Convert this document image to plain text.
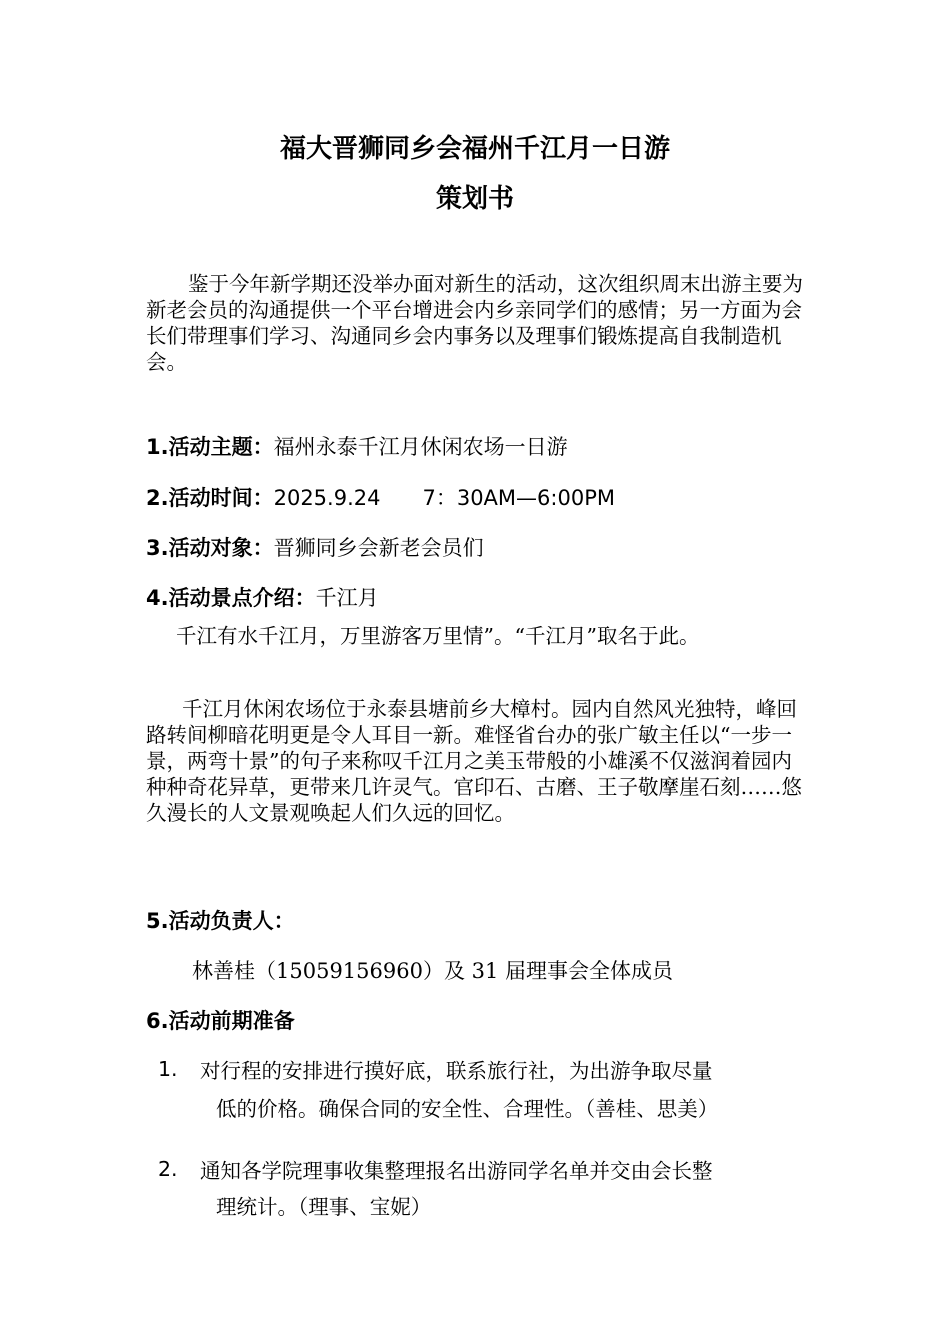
福大晋狮同乡会福州千江月一日游
策划书

鉴于今年新学期还没举办面对新生的活动，这次组织周末出游主要为新老会员的沟通提供一个平台增进会内乡亲同学们的感情；另一方面为会长们带理事们学习、沟通同乡会内事务以及理事们锻炼提高自我制造机会。

1.活动主题：福州永泰千江月休闲农场一日游
2.活动时间：2025.9.24　　7：30AM—6:00PM
3.活动对象：晋狮同乡会新老会员们
4.活动景点介绍：千江月
千江有水千江月，万里游客万里情”。“千江月”取名于此。

千江月休闲农场位于永泰县塘前乡大樟村。园内自然风光独特，峰回路转间柳暗花明更是令人耳目一新。难怪省台办的张广敏主任以“一步一景，两弯十景”的句子来称叹千江月之美玉带般的小雄溪不仅滋润着园内种种奇花异草，更带来几许灵气。官印石、古磨、王子敬摩崖石刻……悠久漫长的人文景观唤起人们久远的回忆。

5.活动负责人：
林善桂（15059156960）及 31 届理事会全体成员
6.活动前期准备
1. 对行程的安排进行摸好底，联系旅行社，为出游争取尽量
低的价格。确保合同的安全性、合理性。（善桂、思美）
2. 通知各学院理事收集整理报名出游同学名单并交由会长整
理统计。（理事、宝妮）
